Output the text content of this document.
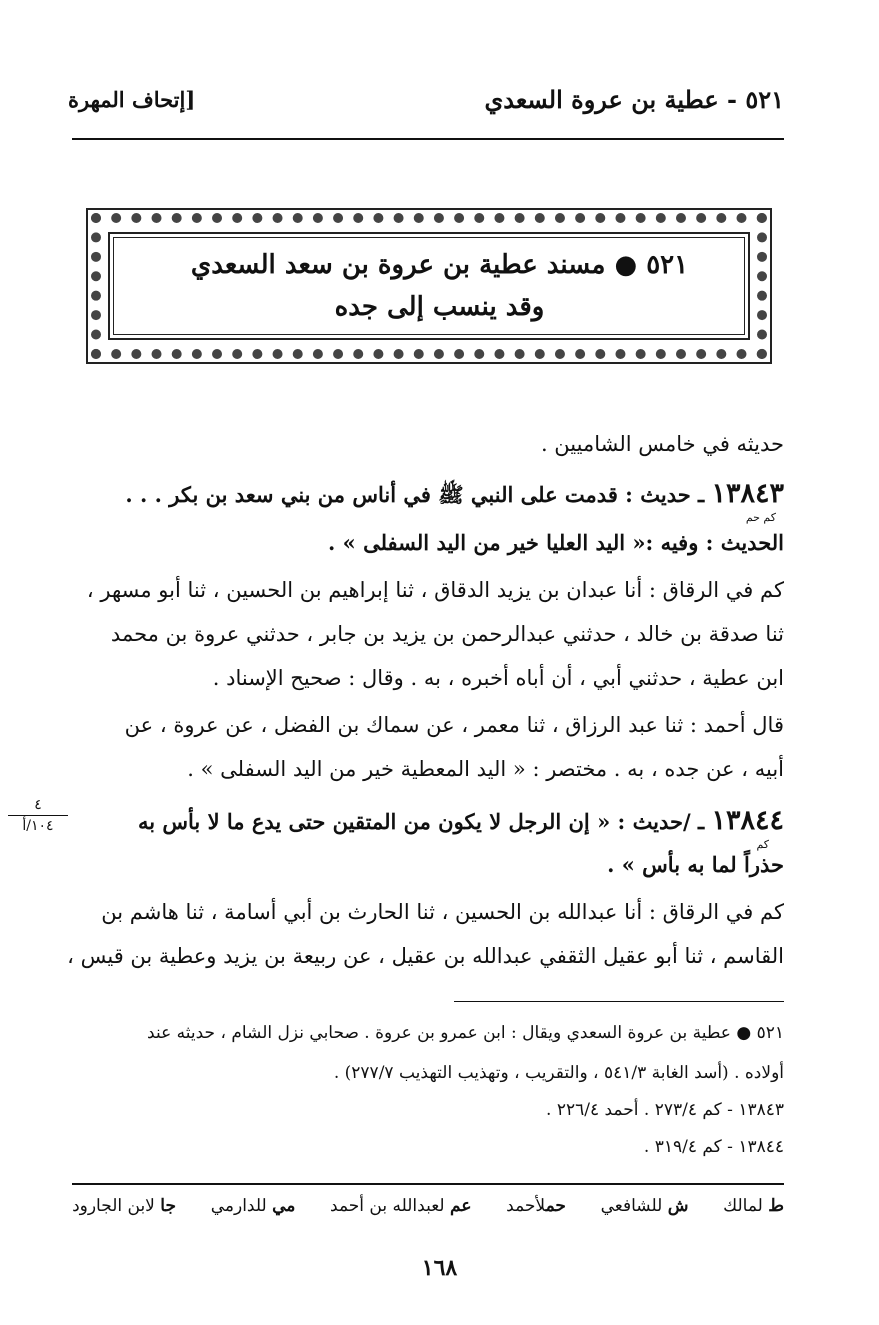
٥٢١ - عطية بن عروة السعدي
[إتحاف المهرة
٥٢١ ● مسند عطية بن عروة بن سعد السعدي
وقد ينسب إلى جده
حديثه في خامس الشاميين .
١٣٨٤٣ ـ حديث : قدمت على النبي ﷺ في أناس من بني سعد بن بكر . . .
كم حم
الحديث : وفيه :« اليد العليا خير من اليد السفلى » .
كم في الرقاق : أنا عبدان بن يزيد الدقاق ، ثنا إبراهيم بن الحسين ، ثنا أبو مسهر ،
ثنا صدقة بن خالد ، حدثني عبدالرحمن بن يزيد بن جابر ، حدثني عروة بن محمد
ابن عطية ، حدثني أبي ، أن أباه أخبره ، به . وقال : صحيح الإسناد .
قال أحمد : ثنا عبد الرزاق ، ثنا معمر ، عن سماك بن الفضل ، عن عروة ، عن
أبيه ، عن جده ، به . مختصر : « اليد المعطية خير من اليد السفلى » .
١٣٨٤٤ ـ /حديث : « إن الرجل لا يكون من المتقين حتى يدع ما لا بأس به
كم
حذراً لما به بأس » .
٤
١٠٤/أ
كم في الرقاق : أنا عبدالله بن الحسين ، ثنا الحارث بن أبي أسامة ، ثنا هاشم بن
القاسم ، ثنا أبو عقيل الثقفي عبدالله بن عقيل ، عن ربيعة بن يزيد وعطية بن قيس ،
٥٢١ ● عطية بن عروة السعدي ويقال : ابن عمرو بن عروة . صحابي نزل الشام ، حديثه عند
أولاده . (أسد الغابة ٥٤١/٣ ، والتقريب ، وتهذيب التهذيب ٢٧٧/٧) .
١٣٨٤٣ - كم ٢٧٣/٤ . أحمد ٢٢٦/٤ .
١٣٨٤٤ - كم ٣١٩/٤ .
ط لمالك
ش للشافعي
حملأحمد
عم لعبدالله بن أحمد
مي للدارمي
جا لابن الجارود
١٦٨
